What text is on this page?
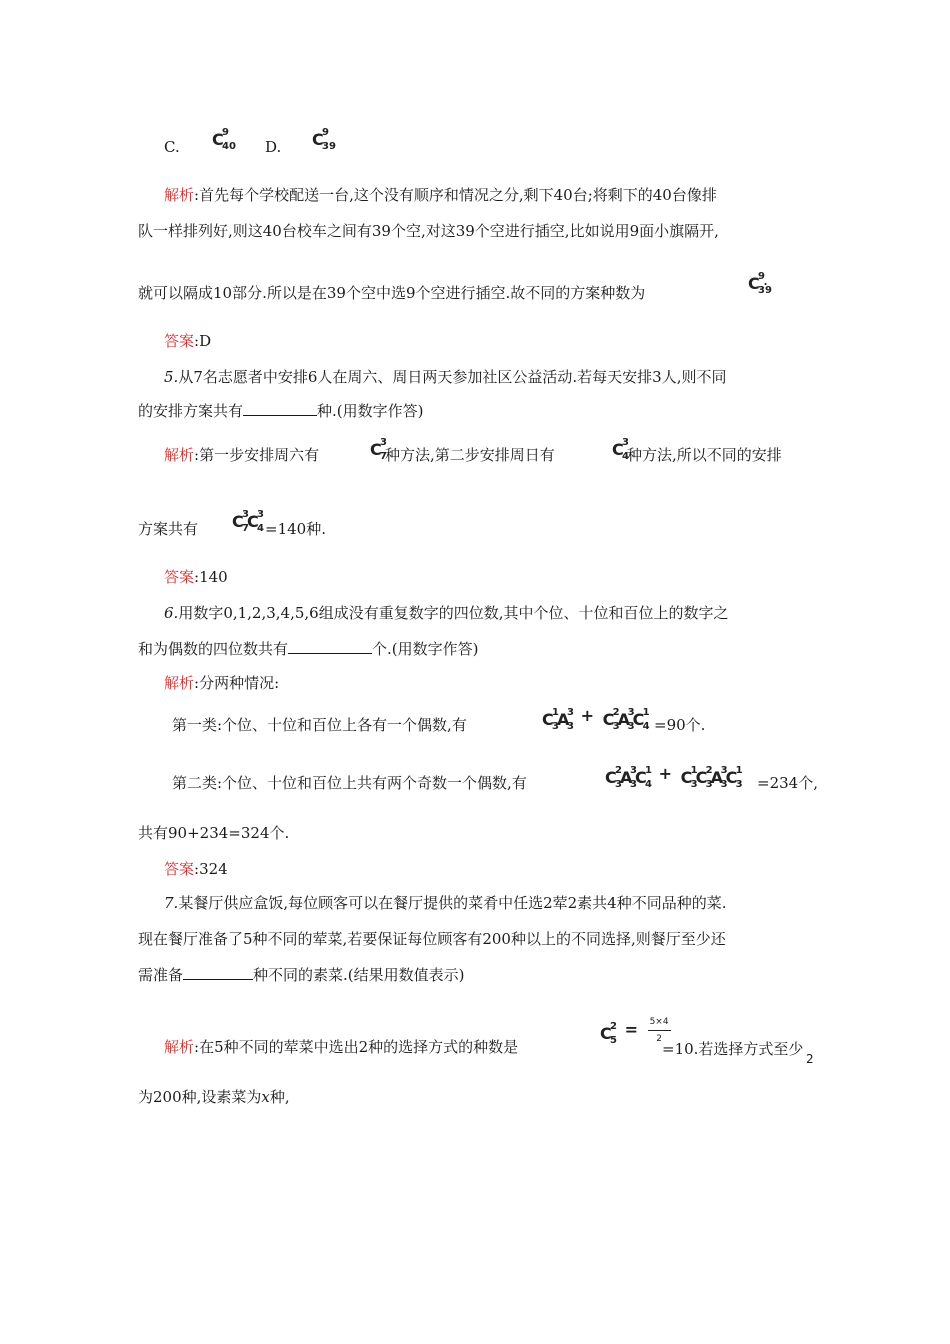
C. C
9
40 D. C
9
39
解析:首先每个学校配送一台,这个没有顺序和情况之分,剩下40台;将剩下的40台像排
队一样排列好,则这40台校车之间有39个空,对这39个空进行插空,比如说用9面小旗隔开,
就可以隔成10部分.所以是在39个空中选9个空进行插空.故不同的方案种数为
C
9
39
.
答案:D
5.从7名志愿者中安排6人在周六、周日两天参加社区公益活动.若每天安排3人,则不同
的安排方案共有	种.(用数字作答)
解析:第一步安排周六有	C
3
7
种方法,第二步安排周日有	C
3
4
种方法,所以不同的安排
方案共有 C
3
7
C
3
4 =140种.
答案:140
6.用数字0,1,2,3,4,5,6组成没有重复数字的四位数,其中个位、十位和百位上的数字之
和为偶数的四位数共有	个.(用数字作答)
解析:分两种情况:
第一类:个位、十位和百位上各有一个偶数,有	C
1
3
A
3
3
+ C
2
3
A
3
3
C
1
4 =90个.
第二类:个位、十位和百位上共有两个奇数一个偶数,有	C
2
3
A
3
3
C
1
4
+ C
1
3
C
2
3
A
3
3
C
1
3 =234个,
共有90+234=324个.
答案:324
7.某餐厅供应盒饭,每位顾客可以在餐厅提供的菜肴中任选2荤2素共4种不同品种的菜.
现在餐厅准备了5种不同的荤菜,若要保证每位顾客有200种以上的不同选择,则餐厅至少还
需准备	种不同的素菜.(结果用数值表示)
解析:在5种不同的荤菜中选出2种的选择方式的种数是
C
2
5
= $\frac{5\times 4}{2}$
=10.若选择方式至少
为200种,设素菜为x种,
2
